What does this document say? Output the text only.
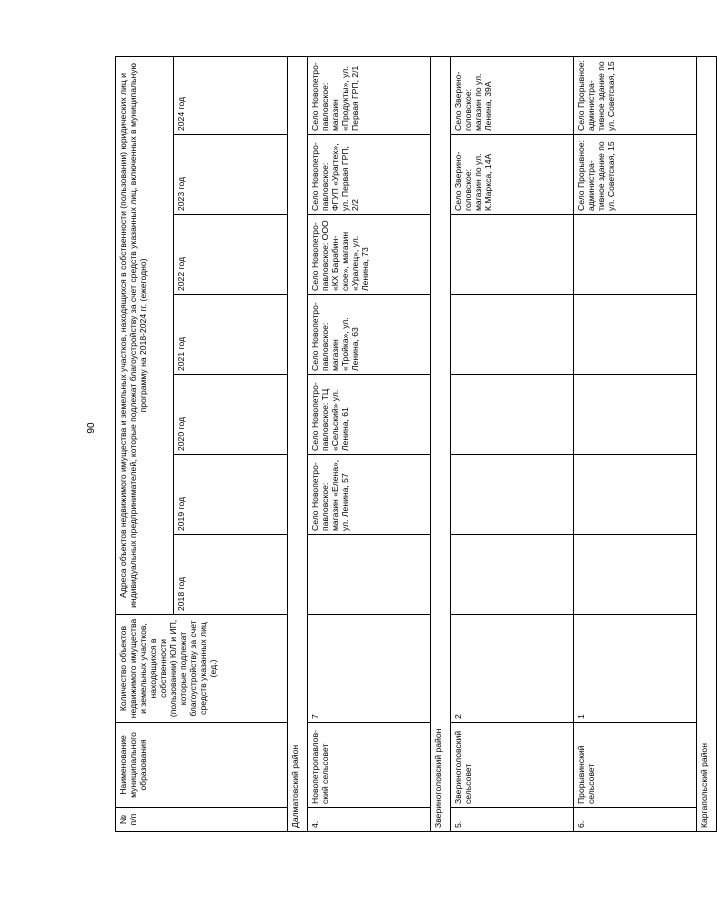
90
№ п/п	Наименование муниципального образования	Количество объектов недвижимого имущества и земельных участков, находящихся в собственности (пользовании) ЮЛ и ИП, которые подлежат благоустройству за счет средств указанных лиц (ед.)	Адреса объектов недвижимого имущества и земельных участков, находящихся в собственности (пользовании) юридических лиц и индивидуальных предпринимателей, которые подлежат благоустройству за счет средств указанных лиц, включенных в муниципальную программу на 2018-2024 гг. (ежегодно)						
			2018 год	2019 год	2020 год	2021 год	2022 год	2023 год	2024 год
Далматовский район									
4.	Новопетропавлов-ский сельсовет	7		Село Новопетро-павловское: магазин «Елена», ул. Ленина, 57	Село Новопетро-павловское: ТЦ «Сельский» ул. Ленина, 61	Село Новопетро-павловское: магазин «Тройка», ул. Ленина, 63	Село Новопетро-павловское: ООО «КХ Барабин-ское», магазин «Уралец», ул. Ленина, 73	Село Новопетро-павловское: ФГУП «Урагтех», ул. Первая ГРП, 2/2	Село Новопетро-павловское: магазин «Продукты», ул. Первая ГРП, 2/1
Звериноголовский район									
5.	Звериноголовский сельсовет	2						Село Зверино-головское: магазин по ул. К.Маркса, 14А	Село Зверино-головское: магазин по ул. Ленина, 39А
6.	Прорывинский сельсовет	1						Село Прорывное: администра-тивное здание по ул. Советская, 15	Село Прорывное: администра-тивное здание по ул. Советская, 15
Каргапольский район									
